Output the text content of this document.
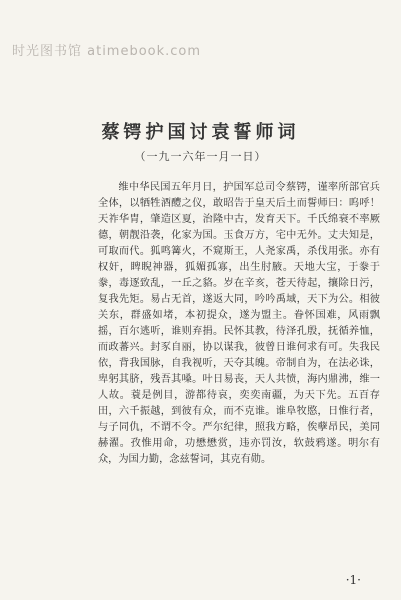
时光图书馆 atimebook.com
蔡锷护国讨袁誓师词
（一九一六年一月一日）
维中华民国五年月日，护国军总司令蔡锷，谨率所部官兵全体，以牺牲酒醴之仪，敢昭告于皇天后土而誓师曰：呜呼！天祚华胄，肇造区夏，治隆中古，发育天下。千氏绵衰不率厥德，朝靓沿袭，化家为国。玉食万方，宅中无外。丈夫知是，可取而代。狐鸣篝火，不窥斯王，人尧家禹，杀伐用张。亦有权奸，睥睨神器，狐媚孤寡，出生肘腋。天地大宝，于豢于豢，毒逐致乱，一丘之貉。岁在辛亥，苍天待起，攘除日污，复我先矩。易占无首，遂返大同，吟吟禹域，天下为公。相彼关东，群盛如堵，本初提众，遂为盟主。眷怀国难，风雨飘摇，百尔逃听，谁则弃捐。民怀其教，待泽孔殷，抚循养恤，而政蕃兴。封豕自丽，协以谋我，彼曾日谁何求有可。失我民依，背我国脉，自我视听，天夺其魄。帝制自为，在法必诛，卑躬其脐，残吾其嗓。叶日易丧，天人共愤，海内鼎沸，维一人故。蓑是例目，游都待哀，奕奕南疆，为天下先。五百存田，六千振越，到彼有众，而不克谁。谁阜牧愍，日惟行者，与子同仇，不谓不令。严尔纪律，照我方略，俟孽昂民，美同赫濯。孜惟用命，功懋懋赏，违亦罚汝，软鼓鸦遂。明尔有众，为国力勤，念兹誓词，其克有勋。
·1·
